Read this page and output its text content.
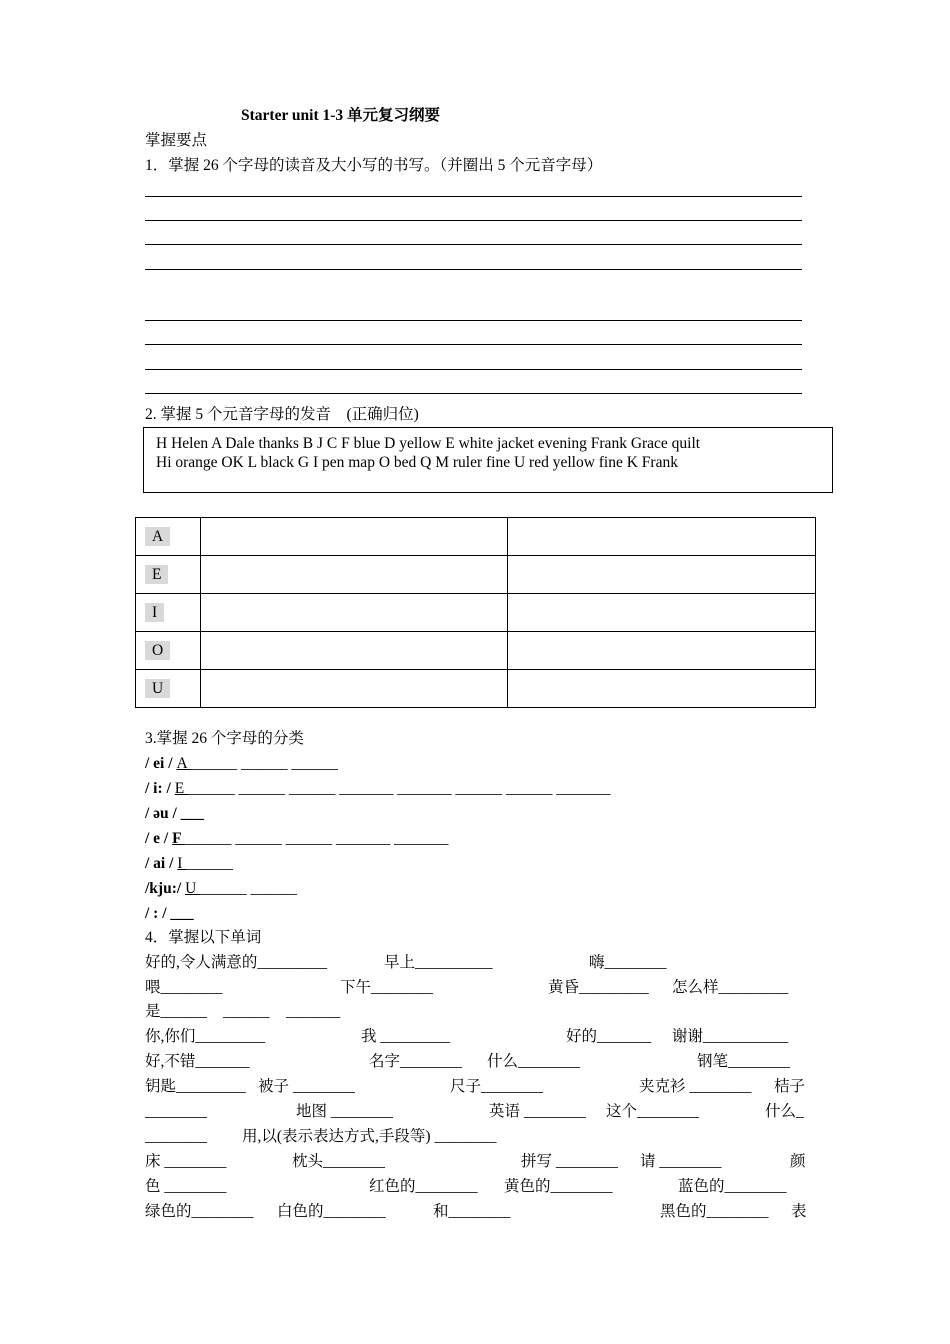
Starter unit 1-3 单元复习纲要
掌握要点
1．掌握 26 个字母的读音及大小写的书写。（并圈出 5 个元音字母）
2. 掌握 5 个元音字母的发音　(正确归位)
H Helen A Dale thanks B J C F blue D yellow E white jacket evening Frank Grace quilt
Hi orange OK L black G I pen map O bed Q M ruler fine U red yellow fine K Frank
A		
E		
I		
O		
U		
3.掌握 26 个字母的分类
/ ei / A ______ ______ ______
/ i: / E ______ ______ ______ _______ _______ ______ ______ _______
/ əu / ___
/ e / F ______ ______ ______ _______ _______
/ ai / I ______
/kju:/ U ______ ______
/ : / ___
4．掌握以下单词
好的,令人满意的_________	早上__________	嗨________
喂________	下午________	黄昏_________ 怎么样_________
是______ ______ _______
你,你们_________	我 _________	好的_______ 谢谢___________
好,不错_______	名字________ 什么________	钢笔________
钥匙_________ 被子 ________	尺子________	夹克衫 ________ 桔子
________	地图 ________	英语 ________ 这个________	什么_
________ 用,以(表示表达方式,手段等) ________
床 ________	枕头________	拼写 ________ 请 ________	颜
色 ________	红色的________ 黄色的________	蓝色的________
绿色的________ 白色的________	和________	黑色的________ 表
